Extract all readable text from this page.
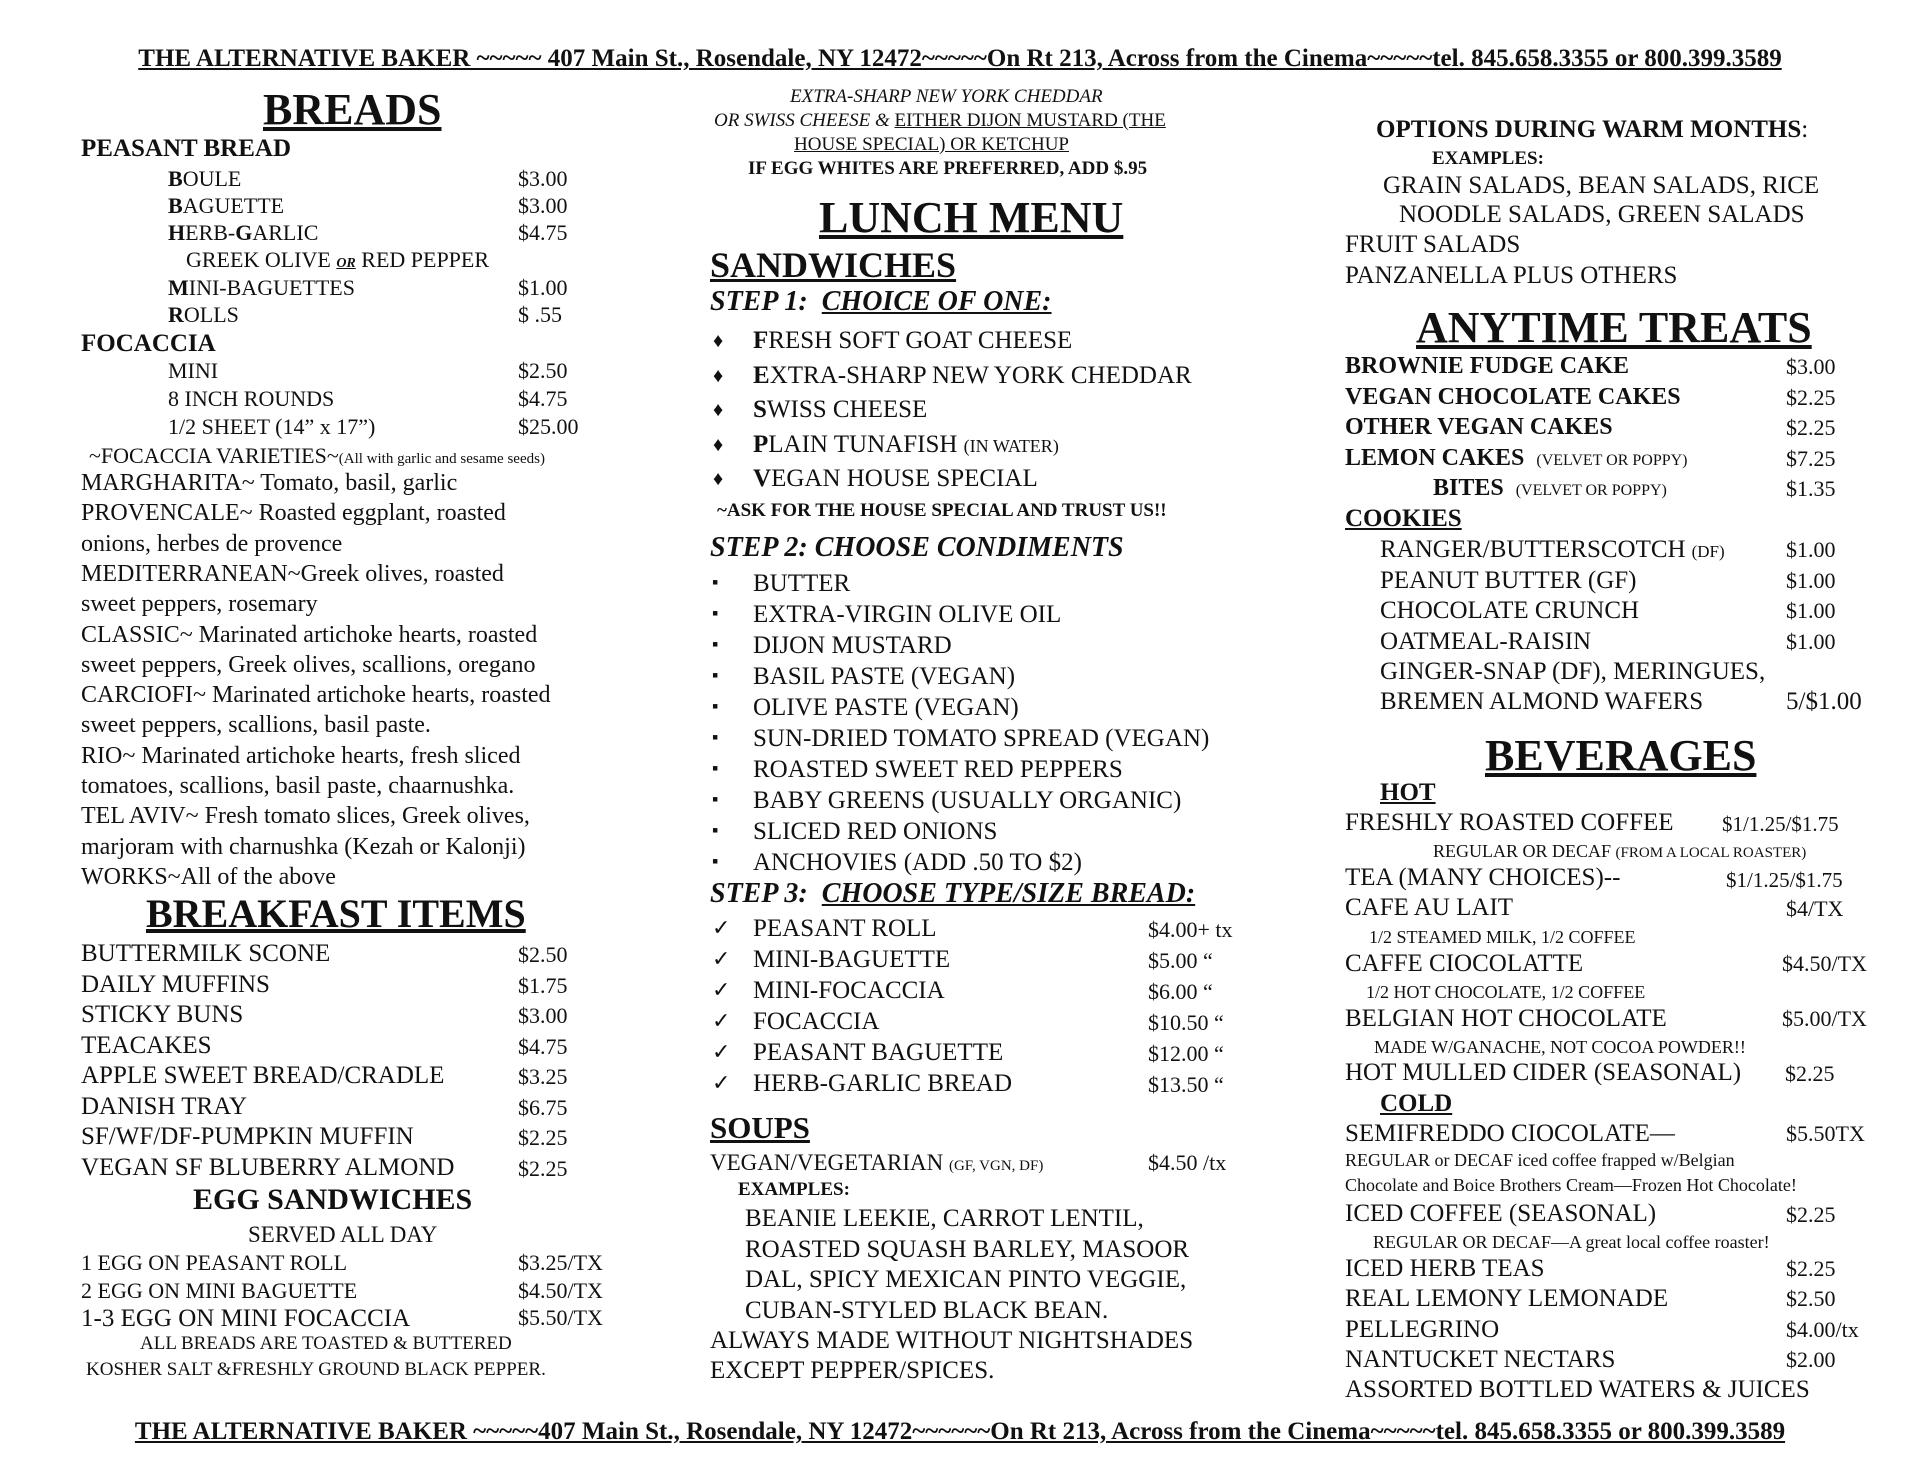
THE ALTERNATIVE BAKER ~~~~~ 407 Main St., Rosendale, NY 12472~~~~~On Rt 213, Across from the Cinema~~~~~tel. 845.658.3355 or 800.399.3589
THE ALTERNATIVE BAKER ~~~~~407 Main St., Rosendale, NY 12472~~~~~~On Rt 213, Across from the Cinema~~~~~tel. 845.658.3355 or 800.399.3589
BREADS
PEASANT BREAD
BOULE	$3.00
BAGUETTE	$3.00
HERB-GARLIC	$4.75
GREEK OLIVE OR RED PEPPER
MINI-BAGUETTES	$1.00
ROLLS	$ .55
FOCACCIA
MINI	$2.50
8 INCH ROUNDS	$4.75
1/2 SHEET (14” x 17”)	$25.00
~FOCACCIA VARIETIES~(All with garlic and sesame seeds)
MARGHARITA~ Tomato, basil, garlic
PROVENCALE~ Roasted eggplant, roasted
onions, herbes de provence
MEDITERRANEAN~Greek olives, roasted
sweet peppers, rosemary
CLASSIC~ Marinated artichoke hearts, roasted
sweet peppers, Greek olives, scallions, oregano
CARCIOFI~ Marinated artichoke hearts, roasted
sweet peppers, scallions, basil paste.
RIO~ Marinated artichoke hearts, fresh sliced
tomatoes, scallions, basil paste, chaarnushka.
TEL AVIV~ Fresh tomato slices, Greek olives,
marjoram with charnushka (Kezah or Kalonji)
WORKS~All of the above
BREAKFAST ITEMS
BUTTERMILK SCONE	$2.50
DAILY MUFFINS	$1.75
STICKY BUNS	$3.00
TEACAKES	$4.75
APPLE SWEET BREAD/CRADLE	$3.25
DANISH TRAY	$6.75
SF/WF/DF-PUMPKIN MUFFIN	$2.25
VEGAN SF BLUBERRY ALMOND	$2.25
EGG SANDWICHES
SERVED ALL DAY
1 EGG ON PEASANT ROLL	$3.25/TX
2 EGG ON MINI BAGUETTE	$4.50/TX
1-3 EGG ON MINI FOCACCIA	$5.50/TX
ALL BREADS ARE TOASTED & BUTTERED
KOSHER SALT &FRESHLY GROUND BLACK PEPPER.
EXTRA-SHARP NEW YORK CHEDDAR
OR SWISS CHEESE & EITHER DIJON MUSTARD (THE
HOUSE SPECIAL) OR KETCHUP
IF EGG WHITES ARE PREFERRED, ADD $.95
LUNCH MENU
SANDWICHES
STEP 1: CHOICE OF ONE:
♦ FRESH SOFT GOAT CHEESE
♦ EXTRA-SHARP NEW YORK CHEDDAR
♦ SWISS CHEESE
♦ PLAIN TUNAFISH (IN WATER)
♦ VEGAN HOUSE SPECIAL
~ASK FOR THE HOUSE SPECIAL AND TRUST US!!
STEP 2: CHOOSE CONDIMENTS
▪ BUTTER
▪ EXTRA-VIRGIN OLIVE OIL
▪ DIJON MUSTARD
▪ BASIL PASTE (VEGAN)
▪ OLIVE PASTE (VEGAN)
▪ SUN-DRIED TOMATO SPREAD (VEGAN)
▪ ROASTED SWEET RED PEPPERS
▪ BABY GREENS (USUALLY ORGANIC)
▪ SLICED RED ONIONS
▪ ANCHOVIES (ADD .50 TO $2)
STEP 3: CHOOSE TYPE/SIZE BREAD:
✓ PEASANT ROLL	$4.00+ tx
✓ MINI-BAGUETTE	$5.00 “
✓ MINI-FOCACCIA	$6.00 “
✓ FOCACCIA	$10.50 “
✓ PEASANT BAGUETTE	$12.00 “
✓ HERB-GARLIC BREAD	$13.50 “
SOUPS
VEGAN/VEGETARIAN (GF, VGN, DF)	$4.50 /tx
EXAMPLES:
BEANIE LEEKIE, CARROT LENTIL,
ROASTED SQUASH BARLEY, MASOOR
DAL, SPICY MEXICAN PINTO VEGGIE,
CUBAN-STYLED BLACK BEAN.
ALWAYS MADE WITHOUT NIGHTSHADES
EXCEPT PEPPER/SPICES.
OPTIONS DURING WARM MONTHS:
EXAMPLES:
GRAIN SALADS, BEAN SALADS, RICE
NOODLE SALADS, GREEN SALADS
FRUIT SALADS
PANZANELLA PLUS OTHERS
ANYTIME TREATS
BROWNIE FUDGE CAKE	$3.00
VEGAN CHOCOLATE CAKES	$2.25
OTHER VEGAN CAKES	$2.25
LEMON CAKES (VELVET OR POPPY)	$7.25
BITES (VELVET OR POPPY)	$1.35
COOKIES
RANGER/BUTTERSCOTCH (DF)	$1.00
PEANUT BUTTER (GF)	$1.00
CHOCOLATE CRUNCH	$1.00
OATMEAL-RAISIN	$1.00
GINGER-SNAP (DF), MERINGUES,
BREMEN ALMOND WAFERS	5/$1.00
BEVERAGES
HOT
FRESHLY ROASTED COFFEE $1/1.25/$1.75
REGULAR OR DECAF (FROM A LOCAL ROASTER)
TEA (MANY CHOICES)--	$1/1.25/$1.75
CAFE AU LAIT	$4/TX
1/2 STEAMED MILK, 1/2 COFFEE
CAFFE CIOCOLATTE	$4.50/TX
1/2 HOT CHOCOLATE, 1/2 COFFEE
BELGIAN HOT CHOCOLATE	$5.00/TX
MADE W/GANACHE, NOT COCOA POWDER!!
HOT MULLED CIDER (SEASONAL) $2.25
COLD
SEMIFREDDO CIOCOLATE—	$5.50TX
REGULAR or DECAF iced coffee frapped w/Belgian
Chocolate and Boice Brothers Cream—Frozen Hot Chocolate!
ICED COFFEE (SEASONAL)	$2.25
REGULAR OR DECAF—A great local coffee roaster!
ICED HERB TEAS	$2.25
REAL LEMONY LEMONADE	$2.50
PELLEGRINO	$4.00/tx
NANTUCKET NECTARS	$2.00
ASSORTED BOTTLED WATERS & JUICES
